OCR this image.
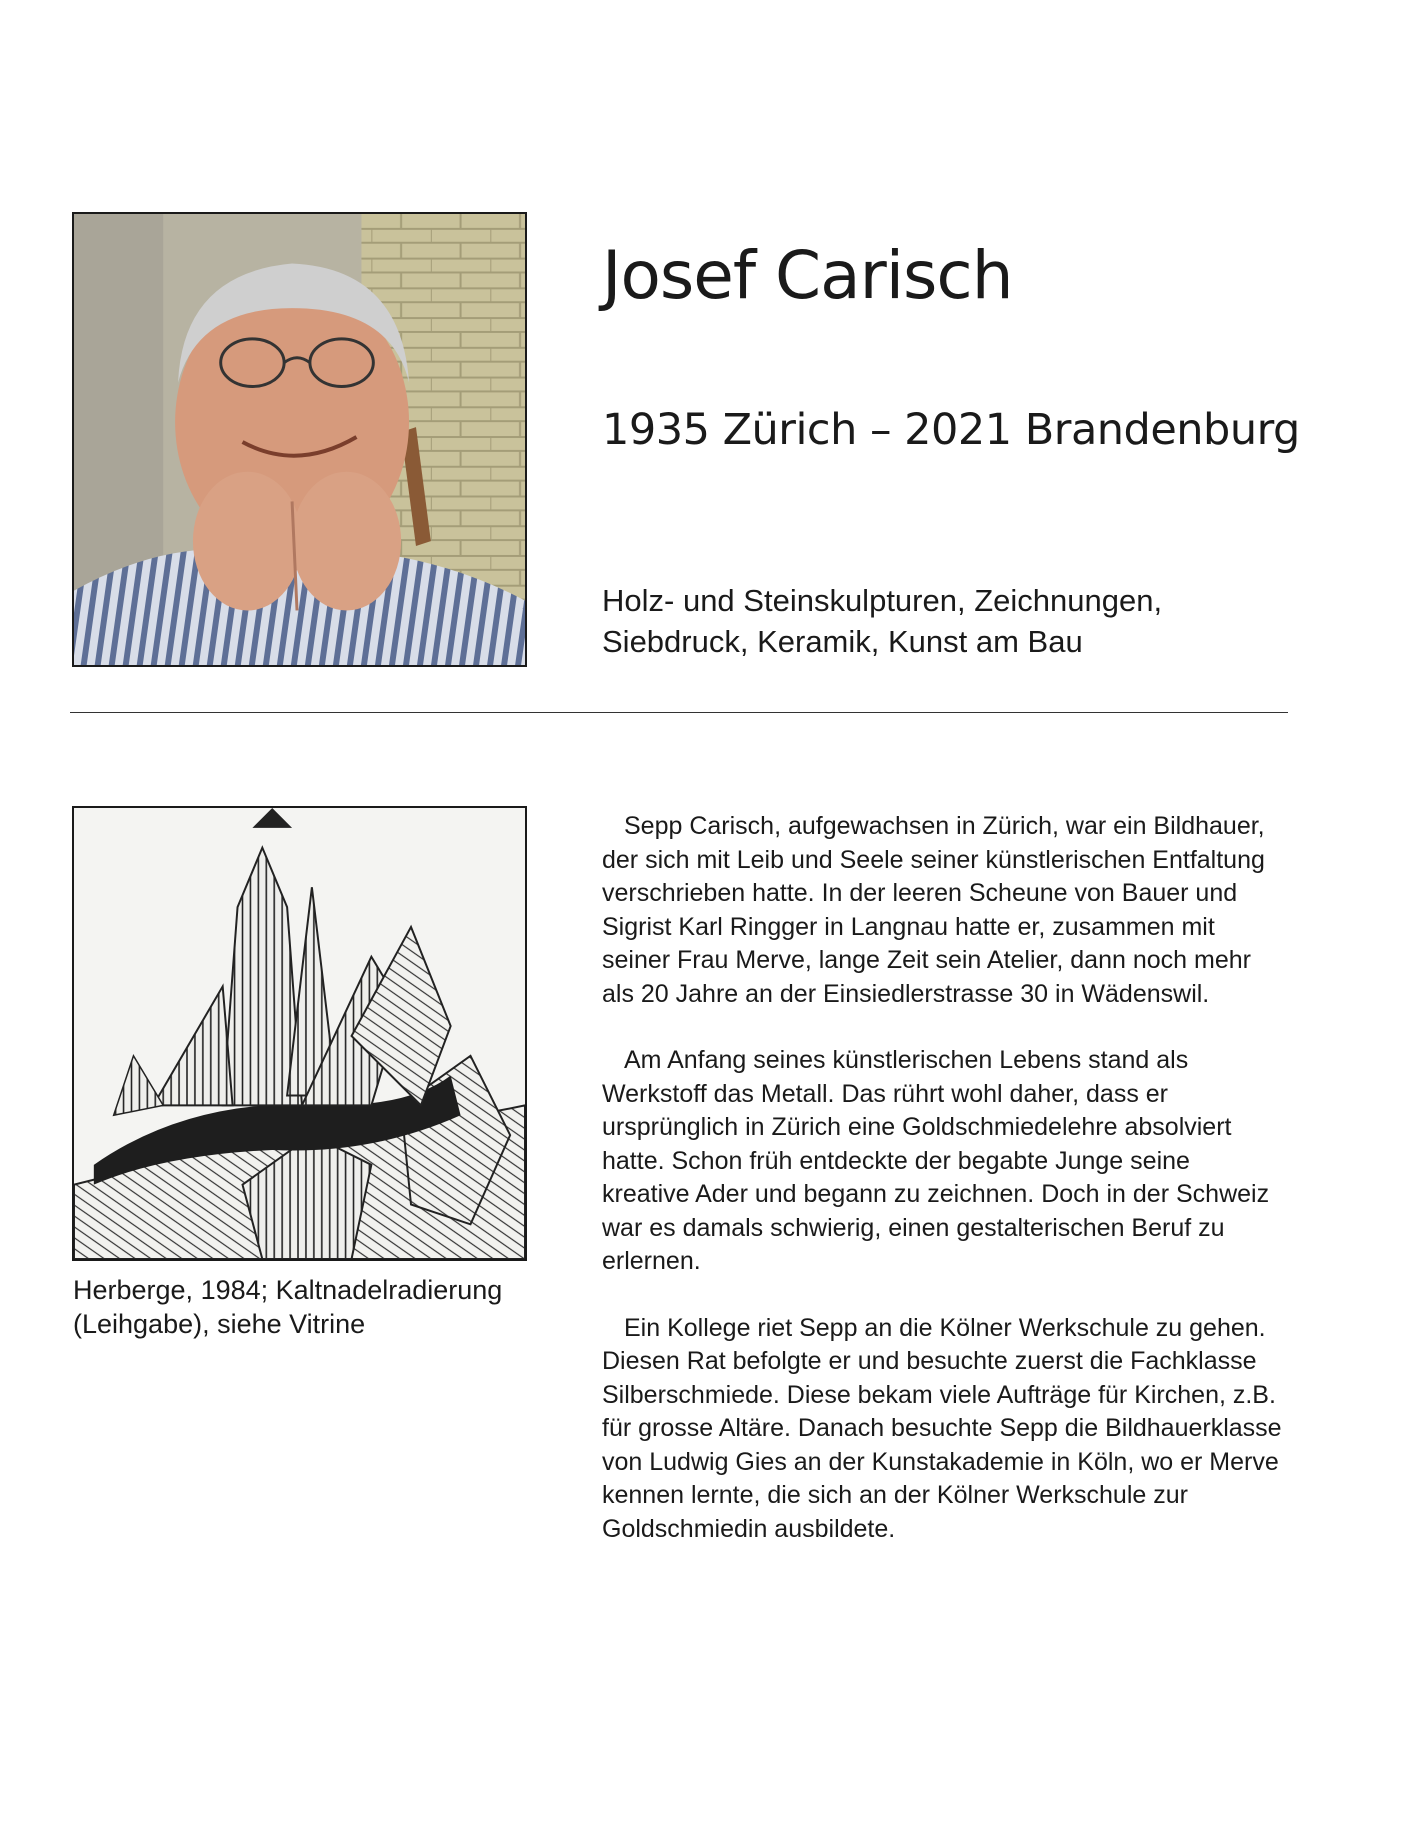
Josef Carisch
1935 Zürich – 2021 Brandenburg

Holz- und Steinskulpturen, Zeichnungen, Siebdruck, Keramik, Kunst am Bau

Herberge, 1984; Kaltnadelradierung (Leihgabe), siehe Vitrine

Sepp Carisch, aufgewachsen in Zürich, war ein Bildhauer, der sich mit Leib und Seele seiner künstlerischen Entfaltung verschrieben hatte. In der leeren Scheune von Bauer und Sigrist Karl Ringger in Langnau hatte er, zusammen mit seiner Frau Merve, lange Zeit sein Atelier, dann noch mehr als 20 Jahre an der Einsiedlerstrasse 30 in Wädenswil.

Am Anfang seines künstlerischen Lebens stand als Werkstoff das Metall. Das rührt wohl daher, dass er ursprünglich in Zürich eine Goldschmiedelehre absolviert hatte. Schon früh entdeckte der begabte Junge seine kreative Ader und begann zu zeichnen. Doch in der Schweiz war es damals schwierig, einen gestalterischen Beruf zu erlernen.

Ein Kollege riet Sepp an die Kölner Werkschule zu gehen. Diesen Rat befolgte er und besuchte zuerst die Fachklasse Silberschmiede. Diese bekam viele Aufträge für Kirchen, z.B. für grosse Altäre. Danach besuchte Sepp die Bildhauerklasse von Ludwig Gies an der Kunstakademie in Köln, wo er Merve kennen lernte, die sich an der Kölner Werkschule zur Goldschmiedin ausbildete.
